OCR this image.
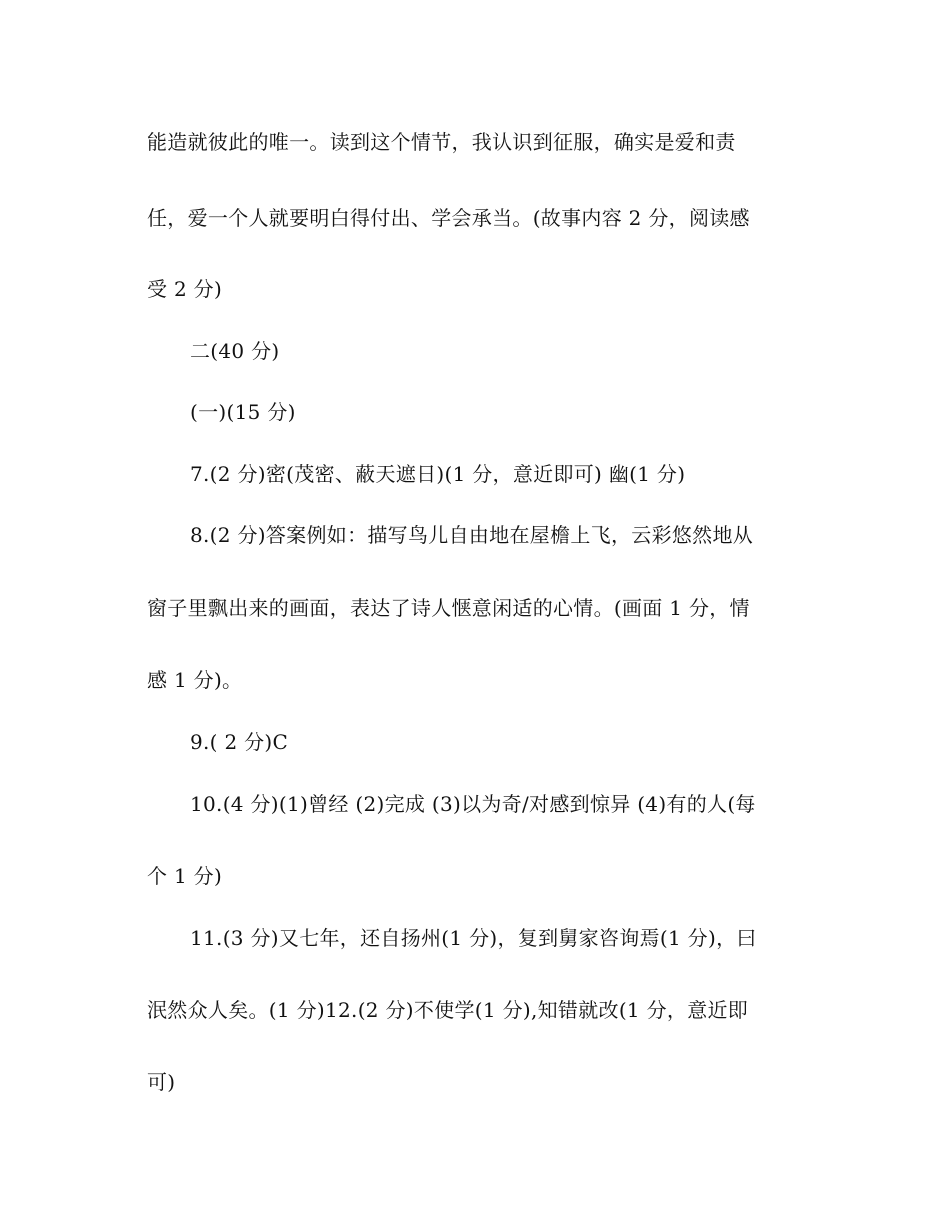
能造就彼此的唯一。读到这个情节，我认识到征服，确实是爱和责
任，爱一个人就要明白得付出、学会承当。(故事内容 2 分，阅读感
受 2 分)
二(40 分)
(一)(15 分)
7.(2 分)密(茂密、蔽天遮日)(1 分，意近即可) 幽(1 分)
8.(2 分)答案例如：描写鸟儿自由地在屋檐上飞，云彩悠然地从
窗子里飘出来的画面，表达了诗人惬意闲适的心情。(画面 1 分，情
感 1 分)。
9.( 2 分)C
10.(4 分)(1)曾经 (2)完成 (3)以为奇/对感到惊异 (4)有的人(每
个 1 分)
11.(3 分)又七年，还自扬州(1 分)，复到舅家咨询焉(1 分)，曰
泯然众人矣。(1 分)12.(2 分)不使学(1 分),知错就改(1 分，意近即
可)
